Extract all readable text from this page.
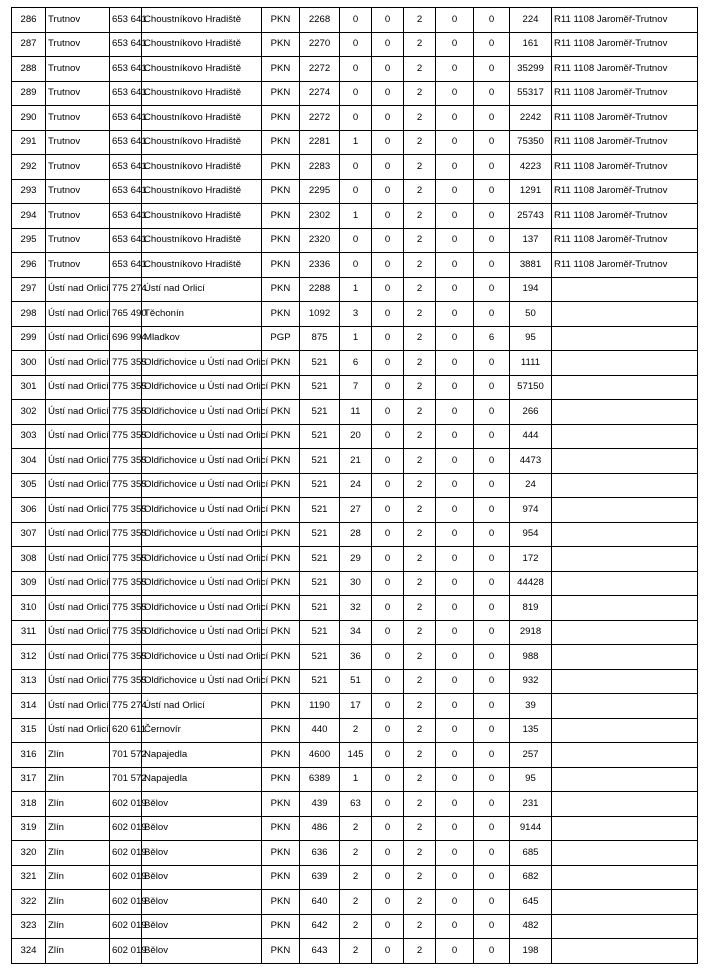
286	Trutnov	653 641	Choustníkovo Hradiště	PKN	2268	0	0	2	0	0	224	R11 1108 Jaroměř-Trutnov
287	Trutnov	653 641	Choustníkovo Hradiště	PKN	2270	0	0	2	0	0	161	R11 1108 Jaroměř-Trutnov
288	Trutnov	653 641	Choustníkovo Hradiště	PKN	2272	0	0	2	0	0	35299	R11 1108 Jaroměř-Trutnov
289	Trutnov	653 641	Choustníkovo Hradiště	PKN	2274	0	0	2	0	0	55317	R11 1108 Jaroměř-Trutnov
290	Trutnov	653 641	Choustníkovo Hradiště	PKN	2272	0	0	2	0	0	2242	R11 1108 Jaroměř-Trutnov
291	Trutnov	653 641	Choustníkovo Hradiště	PKN	2281	1	0	2	0	0	75350	R11 1108 Jaroměř-Trutnov
292	Trutnov	653 641	Choustníkovo Hradiště	PKN	2283	0	0	2	0	0	4223	R11 1108 Jaroměř-Trutnov
293	Trutnov	653 641	Choustníkovo Hradiště	PKN	2295	0	0	2	0	0	1291	R11 1108 Jaroměř-Trutnov
294	Trutnov	653 641	Choustníkovo Hradiště	PKN	2302	1	0	2	0	0	25743	R11 1108 Jaroměř-Trutnov
295	Trutnov	653 641	Choustníkovo Hradiště	PKN	2320	0	0	2	0	0	137	R11 1108 Jaroměř-Trutnov
296	Trutnov	653 641	Choustníkovo Hradiště	PKN	2336	0	0	2	0	0	3881	R11 1108 Jaroměř-Trutnov
297	Ústí nad Orlicí	775 274	Ústí nad Orlicí	PKN	2288	1	0	2	0	0	194	
298	Ústí nad Orlicí	765 490	Těchonín	PKN	1092	3	0	2	0	0	50	
299	Ústí nad Orlicí	696 994	Mladkov	PGP	875	1	0	2	0	6	95	
300	Ústí nad Orlicí	775 355	Oldřichovice u Ústí nad Orlicí	PKN	521	6	0	2	0	0	1111	
301	Ústí nad Orlicí	775 355	Oldřichovice u Ústí nad Orlicí	PKN	521	7	0	2	0	0	57150	
302	Ústí nad Orlicí	775 355	Oldřichovice u Ústí nad Orlicí	PKN	521	11	0	2	0	0	266	
303	Ústí nad Orlicí	775 355	Oldřichovice u Ústí nad Orlicí	PKN	521	20	0	2	0	0	444	
304	Ústí nad Orlicí	775 355	Oldřichovice u Ústí nad Orlicí	PKN	521	21	0	2	0	0	4473	
305	Ústí nad Orlicí	775 355	Oldřichovice u Ústí nad Orlicí	PKN	521	24	0	2	0	0	24	
306	Ústí nad Orlicí	775 355	Oldřichovice u Ústí nad Orlicí	PKN	521	27	0	2	0	0	974	
307	Ústí nad Orlicí	775 355	Oldřichovice u Ústí nad Orlicí	PKN	521	28	0	2	0	0	954	
308	Ústí nad Orlicí	775 355	Oldřichovice u Ústí nad Orlicí	PKN	521	29	0	2	0	0	172	
309	Ústí nad Orlicí	775 355	Oldřichovice u Ústí nad Orlicí	PKN	521	30	0	2	0	0	44428	
310	Ústí nad Orlicí	775 355	Oldřichovice u Ústí nad Orlicí	PKN	521	32	0	2	0	0	819	
311	Ústí nad Orlicí	775 355	Oldřichovice u Ústí nad Orlicí	PKN	521	34	0	2	0	0	2918	
312	Ústí nad Orlicí	775 355	Oldřichovice u Ústí nad Orlicí	PKN	521	36	0	2	0	0	988	
313	Ústí nad Orlicí	775 355	Oldřichovice u Ústí nad Orlicí	PKN	521	51	0	2	0	0	932	
314	Ústí nad Orlicí	775 274	Ústí nad Orlicí	PKN	1190	17	0	2	0	0	39	
315	Ústí nad Orlicí	620 611	Černovír	PKN	440	2	0	2	0	0	135	
316	Zlín	701 572	Napajedla	PKN	4600	145	0	2	0	0	257	
317	Zlín	701 572	Napajedla	PKN	6389	1	0	2	0	0	95	
318	Zlín	602 019	Bělov	PKN	439	63	0	2	0	0	231	
319	Zlín	602 019	Bělov	PKN	486	2	0	2	0	0	9144	
320	Zlín	602 019	Bělov	PKN	636	2	0	2	0	0	685	
321	Zlín	602 019	Bělov	PKN	639	2	0	2	0	0	682	
322	Zlín	602 019	Bělov	PKN	640	2	0	2	0	0	645	
323	Zlín	602 019	Bělov	PKN	642	2	0	2	0	0	482	
324	Zlín	602 019	Bělov	PKN	643	2	0	2	0	0	198	
